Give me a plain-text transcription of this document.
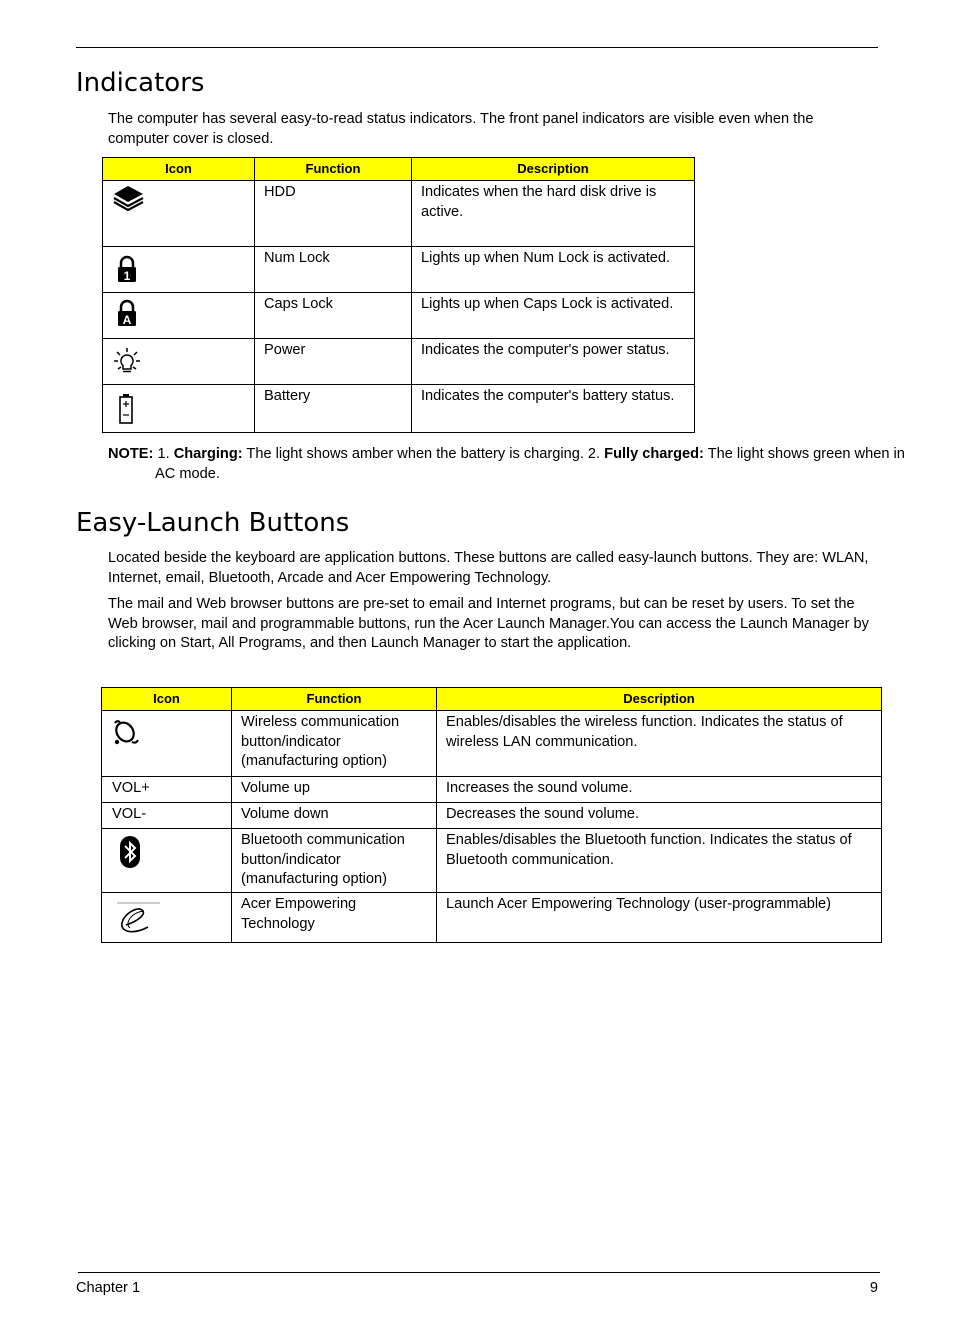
Indicators

The computer has several easy-to-read status indicators. The front panel indicators are visible even when the computer cover is closed.

Icon	Function	Description

	HDD	Indicates when the hard disk drive is active.

1	Num Lock	Lights up when Num Lock is activated.

A	Caps Lock	Lights up when Caps Lock is activated.

	Power	Indicates the computer's power status.

	Battery	Indicates the computer's battery status.

NOTE: 1. Charging: The light shows amber when the battery is charging. 2. Fully charged: The light shows green when in AC mode.

Easy-Launch Buttons

Located beside the keyboard are application buttons. These buttons are called easy-launch buttons. They are: WLAN, Internet, email, Bluetooth, Arcade and Acer Empowering Technology.

The mail and Web browser buttons are pre-set to email and Internet programs, but can be reset by users. To set the Web browser, mail and programmable buttons, run the Acer Launch Manager.You can access the Launch Manager by clicking on Start, All Programs, and then Launch Manager to start the application.

Icon	Function	Description

	Wireless communication button/indicator (manufacturing option)	Enables/disables the wireless function. Indicates the status of wireless LAN communication.
VOL+	Volume up	Increases the sound volume.
VOL-	Volume down	Decreases the sound volume.

	Bluetooth communication button/indicator (manufacturing option)	Enables/disables the Bluetooth function. Indicates the status of Bluetooth communication.

	Acer Empowering Technology	Launch Acer Empowering Technology (user-programmable)
Chapter 1	9
